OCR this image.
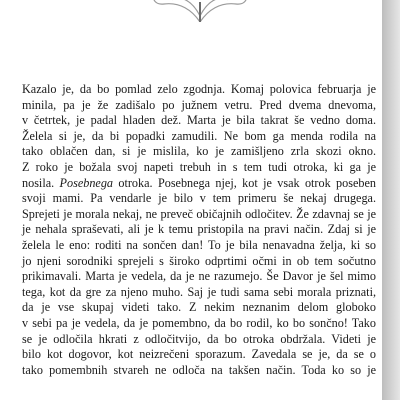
Kazalo je, da bo pomlad zelo zgodnja. Komaj polovica februarja je
minila, pa je že zadišalo po južnem vetru. Pred dvema dnevoma,
v četrtek, je padal hladen dež. Marta je bila takrat še vedno doma.
Želela si je, da bi popadki zamudili. Ne bom ga menda rodila na
tako oblačen dan, si je mislila, ko je zamišljeno zrla skozi okno.
Z roko je božala svoj napeti trebuh in s tem tudi otroka, ki ga je
nosila. Posebnega otroka. Posebnega njej, kot je vsak otrok poseben
svoji mami. Pa vendarle je bilo v tem primeru še nekaj drugega.
Sprejeti je morala nekaj, ne preveč običajnih odločitev. Že zdavnaj se je
je nehala spraševati, ali je k temu pristopila na pravi način. Zdaj si je
želela le eno: roditi na sončen dan! To je bila nenavadna želja, ki so
jo njeni sorodniki sprejeli s široko odprtimi očmi in ob tem sočutno
prikimavali. Marta je vedela, da je ne razumejo. Še Davor je šel mimo
tega, kot da gre za njeno muho. Saj je tudi sama sebi morala priznati,
da je vse skupaj videti tako. Z nekim neznanim delom globoko
v sebi pa je vedela, da je pomembno, da bo rodil, ko bo sončno! Tako
se je odločila hkrati z odločitvijo, da bo otroka obdržala. Videti je
bilo kot dogovor, kot neizrečeni sporazum. Zavedala se je, da se o
tako pomembnih stvareh ne odloča na takšen način. Toda ko so je
